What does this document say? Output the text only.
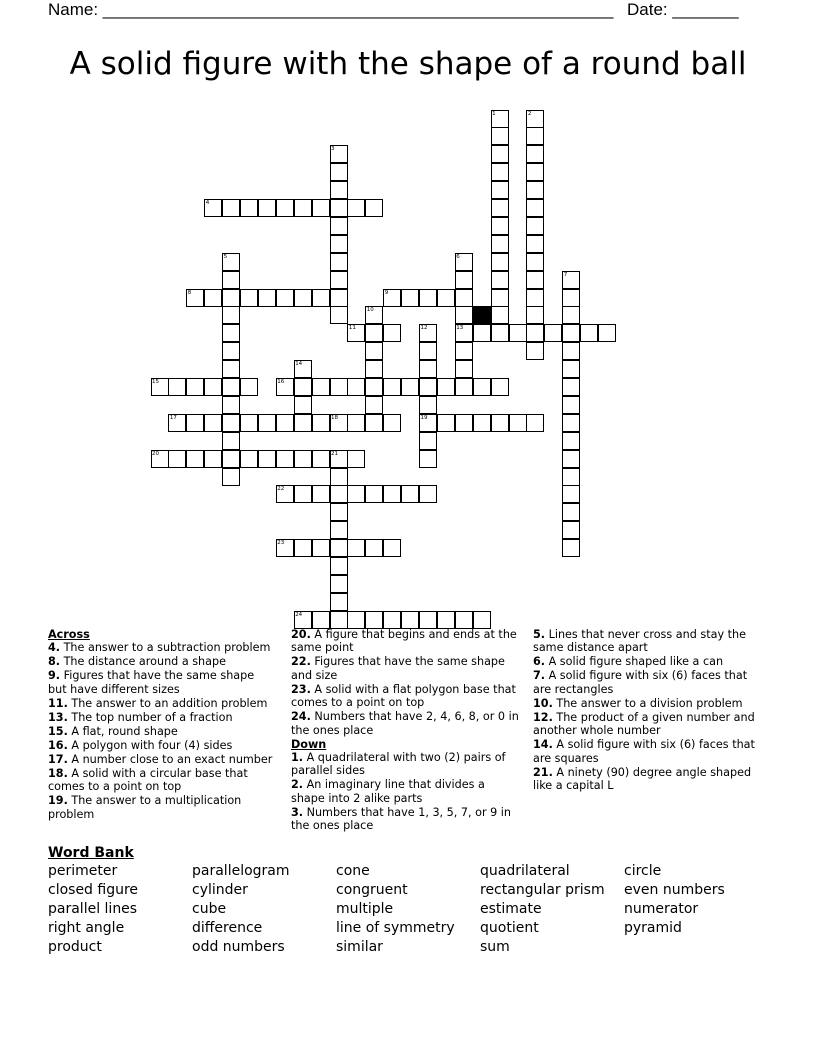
Name: ______________________________________________________ Date: _______
A solid figure with the shape of a round ball
1	2
3
4
5	6
7
8	9
10
11	12	13
14
15	16
17	18	19
20	21
22
23
24
Across
4. The answer to a subtraction problem
8. The distance around a shape
9. Figures that have the same shape but have different sizes
11. The answer to an addition problem
13. The top number of a fraction
15. A flat, round shape
16. A polygon with four (4) sides
17. A number close to an exact number
18. A solid with a circular base that comes to a point on top
19. The answer to a multiplication problem
20. A figure that begins and ends at the same point
22. Figures that have the same shape and size
23. A solid with a flat polygon base that comes to a point on top
24. Numbers that have 2, 4, 6, 8, or 0 in the ones place
Down
1. A quadrilateral with two (2) pairs of parallel sides
2. An imaginary line that divides a shape into 2 alike parts
3. Numbers that have 1, 3, 5, 7, or 9 in the ones place
5. Lines that never cross and stay the same distance apart
6. A solid figure shaped like a can
7. A solid figure with six (6) faces that are rectangles
10. The answer to a division problem
12. The product of a given number and another whole number
14. A solid figure with six (6) faces that are squares
21. A ninety (90) degree angle shaped like a capital L
Word Bank
perimeter
closed figure
parallel lines
right angle
product
parallelogram
cylinder
cube
difference
odd numbers
cone
congruent
multiple
line of symmetry
similar
quadrilateral
rectangular prism
estimate
quotient
sum
circle
even numbers
numerator
pyramid
